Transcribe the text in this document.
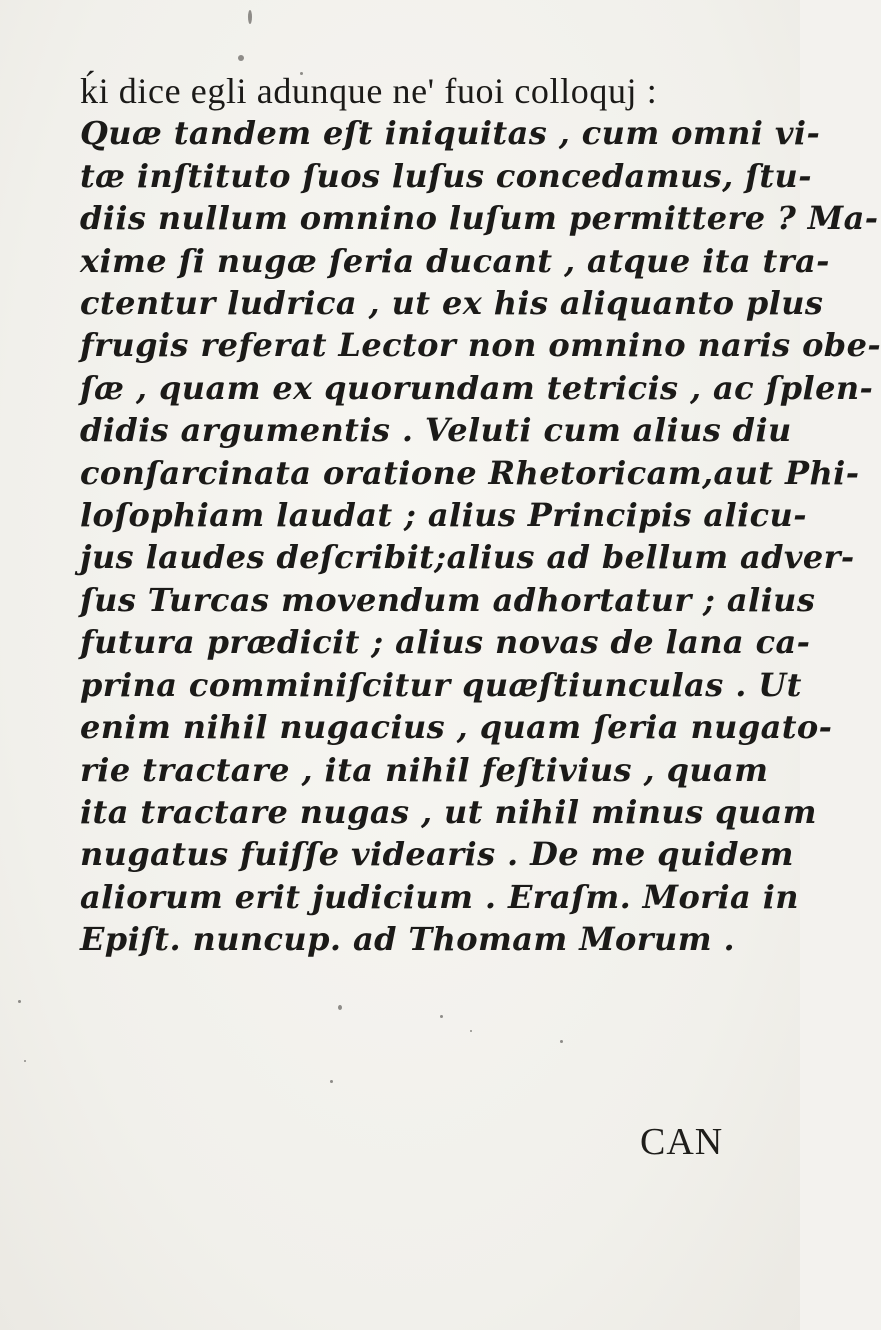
ḱi dice egli adunque ne' fuoi colloquj :
Quæ tandem eſt iniquitas , cum omni vi-
tæ inſtituto ſuos luſus concedamus, ſtu-
diis nullum omnino luſum permittere ? Ma-
xime ſi nugæ ſeria ducant , atque ita tra-
ctentur ludrica , ut ex his aliquanto plus
frugis referat Lector non omnino naris obe-
ſæ , quam ex quorundam tetricis , ac ſplen-
didis argumentis . Veluti cum alius diu
conſarcinata oratione Rhetoricam,aut Phi-
loſophiam laudat ; alius Principis alicu-
jus laudes deſcribit;alius ad bellum adver-
ſus Turcas movendum adhortatur ; alius
futura prædicit ; alius novas de lana ca-
prina comminiſcitur quæſtiunculas . Ut
enim nihil nugacius , quam ſeria nugato-
rie tractare , ita nihil feſtivius , quam
ita tractare nugas , ut nihil minus quam
nugatus fuiſſe videaris . De me quidem
aliorum erit judicium . Eraſm. Moria in
Epiſt. nuncup. ad Thomam Morum .
CAN
